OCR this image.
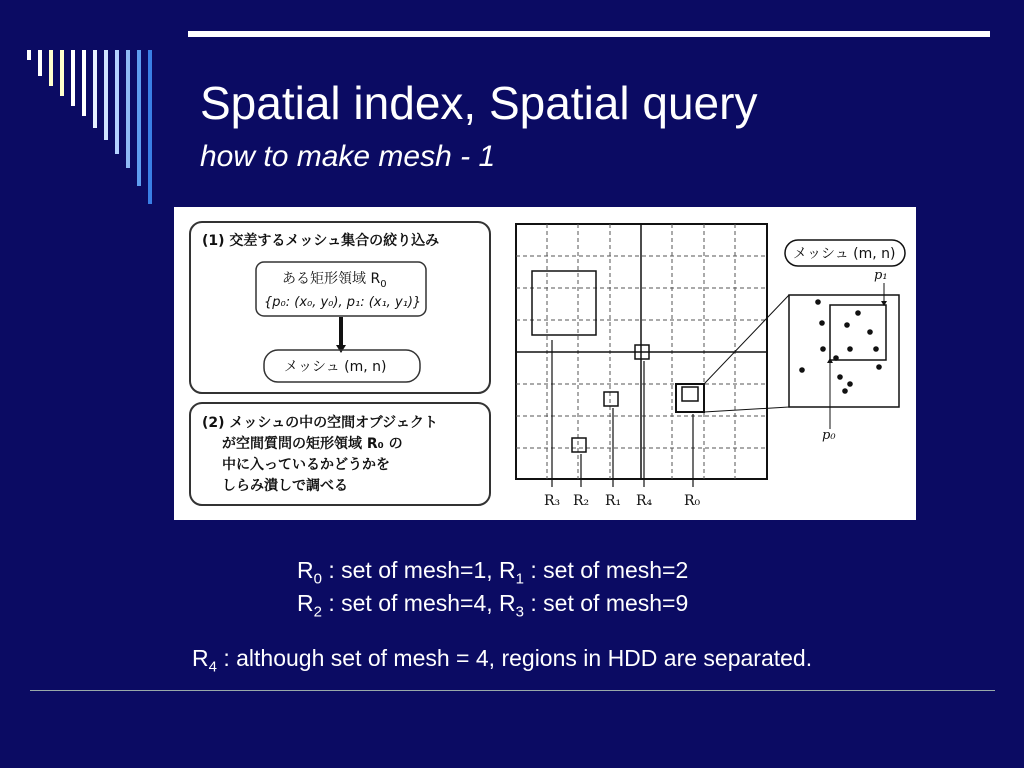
Spatial index, Spatial query
how to make mesh - 1
(1) 交差するメッシュ集合の絞り込み
ある矩形領域 $R_0$
{p₀: (x₀, y₀), p₁: (x₁, y₁)}
メッシュ (m, n)
(2) メッシュの中の空間オブジェクト
が空間質問の矩形領域 R₀ の
中に入っているかどうかを
しらみ潰しで調べる
R₃ R₂ R₁ R₄ R₀
メッシュ (m, n)
p₁
p₀
$R_0$ : set of mesh=1, $R_1$ : set of mesh=2
$R_2$ : set of mesh=4, $R_3$ : set of mesh=9
$R_4$ : although set of mesh = 4, regions in HDD are separated.
